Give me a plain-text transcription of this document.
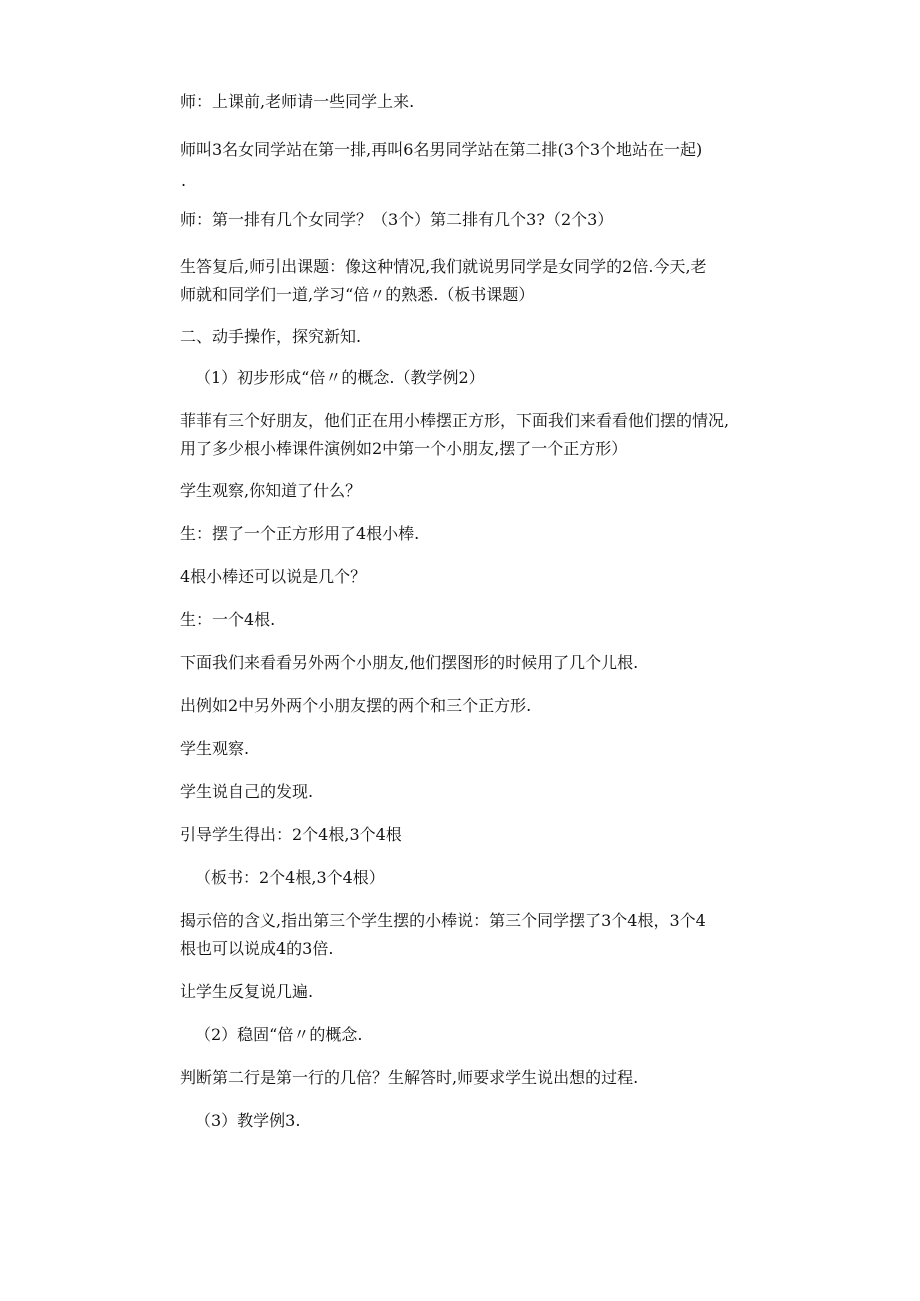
师：上课前,老师请一些同学上来.

师叫3名女同学站在第一排,再叫6名男同学站在第二排(3个3个地站在一起)

.

师：第一排有几个女同学？（3个）第二排有几个3?（2个3）

生答复后,师引出课题：像这种情况,我们就说男同学是女同学的2倍.今天,老

师就和同学们一道,学习“倍〃的熟悉.（板书课题）

二、动手操作，探究新知.

（1）初步形成“倍〃的概念.（教学例2）

菲菲有三个好朋友，他们正在用小棒摆正方形，下面我们来看看他们摆的情况,

用了多少根小棒课件演例如2中第一个小朋友,摆了一个正方形）

学生观察,你知道了什么？

生：摆了一个正方形用了4根小棒.

4根小棒还可以说是几个？

生：一个4根.

下面我们来看看另外两个小朋友,他们摆图形的时候用了几个儿根.

出例如2中另外两个小朋友摆的两个和三个正方形.

学生观察.

学生说自己的发现.

引导学生得出：2个4根,3个4根

（板书：2个4根,3个4根）

揭示倍的含义,指出第三个学生摆的小棒说：第三个同学摆了3个4根，3个4

根也可以说成4的3倍.

让学生反复说几遍.

（2）稳固“倍〃的概念.

判断第二行是第一行的几倍？生解答时,师要求学生说出想的过程.

（3）教学例3.
